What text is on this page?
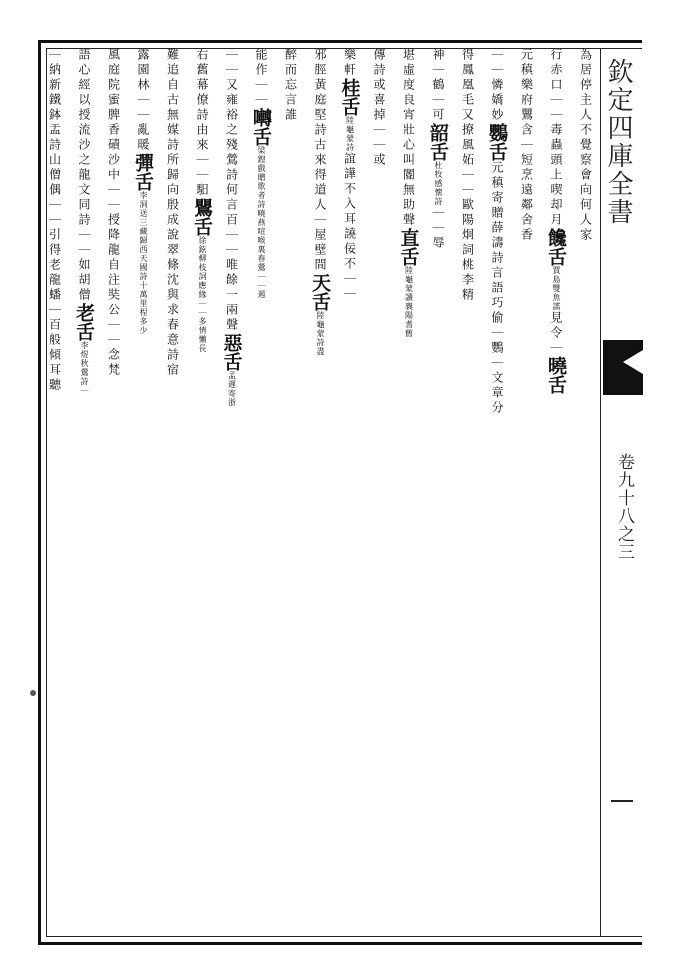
欽定四庫全書
卷九十八之三
為居停主人不覺察會向何人家
行赤口｜｜毒蟲頭上喫却月饞舌賈島雙魚謠見令｜曉舌
元稹樂府鸎含｜短烹遠鄰舍香
｜｜憐嬌妙鸚舌元稹寄贈薛濤詩言語巧偷｜鸚｜文章分
得鳳凰毛又撩風妬｜｜歐陽炯詞桃李精
神｜鶴｜可韶舌杜牧感懷詩｜｜辱
堪虛度良宵壯心叫閽無助聲直舌陸龜蒙讀襄陽耆舊
傳詩或喜掉｜｜或
樂軒桂舌陸龜蒙詩誼譁不入耳譊佞不｜｜
邪脛黃庭堅詩古來得道人｜屋壁間天舌陸龜蒙詩盡
醉而忘言誰
能作｜｜囀舌梁鍠戲贈歌者詩曉燕喧喉裏春鶯｜｜遏
｜｜又雍裕之殘鶯詩何言百｜｜唯餘一兩聲惡舌孟遲寄浙
右舊幕僚詩由來｜｜馹鸎舌徐鉉柳枝詞應緣｜｜多情懶長
難追自古無媒詩所歸向殷成說翠條沈與求春意詩宿
露園林｜｜亂暖彈舌李洞送三藏歸西天國詩十萬里程多少
風庭院蜜脾香磧沙中｜｜授降龍自注奘公｜｜念梵
語心經以授流沙之龍文同詩｜｜如胡僧老舌李煜秋鶯詩｜
｜納新鐵鉢盂詩山僧偶｜｜引得老龍蟠｜百般傾耳聽
